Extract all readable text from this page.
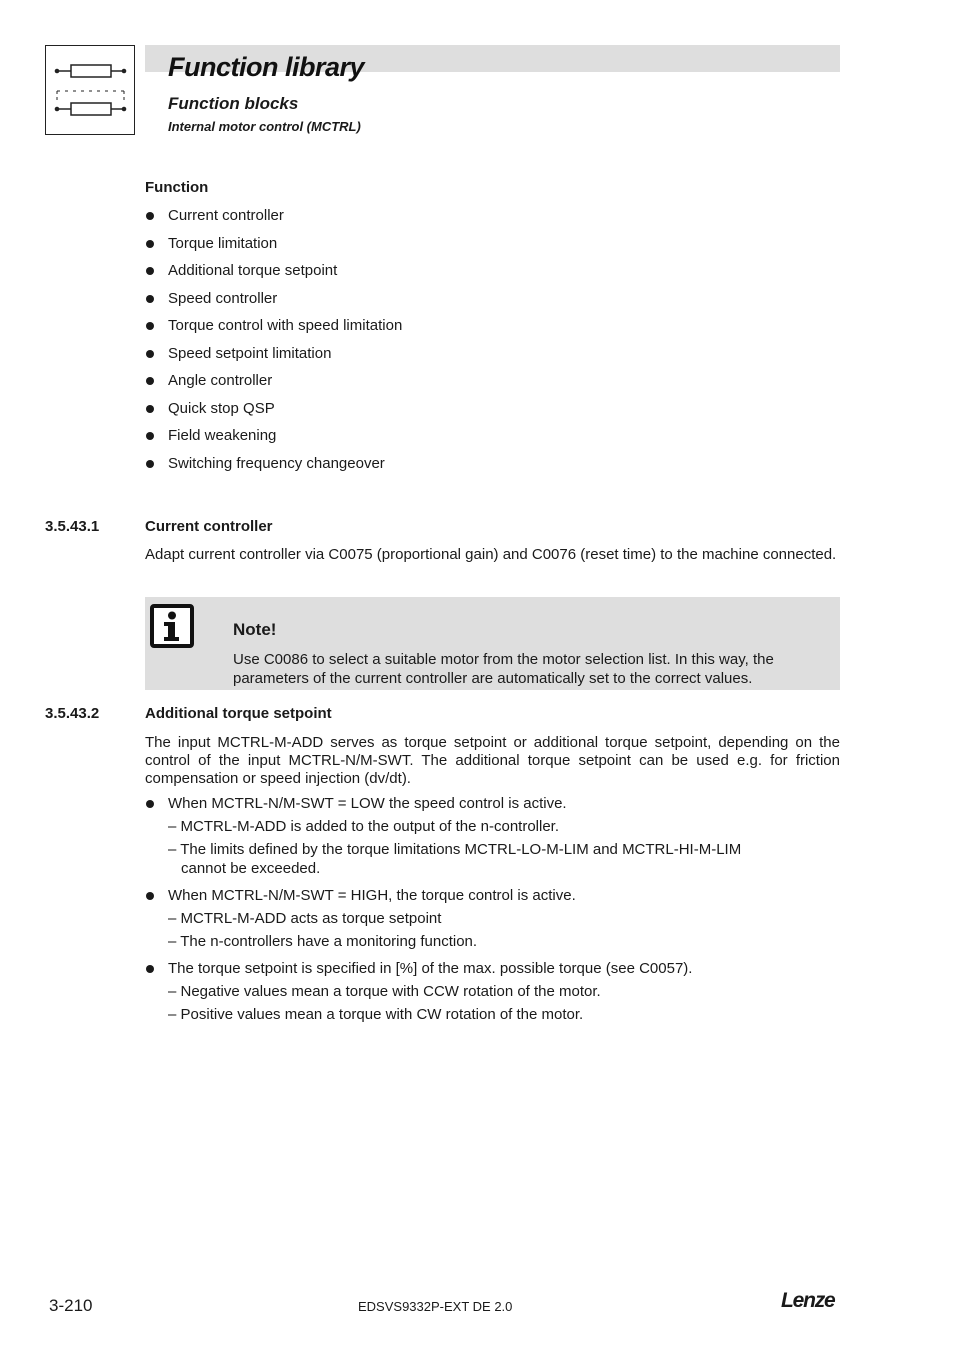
Function library
Function blocks
Internal motor control (MCTRL)
Function
Current controller
Torque limitation
Additional torque setpoint
Speed controller
Torque control with speed limitation
Speed setpoint limitation
Angle controller
Quick stop QSP
Field weakening
Switching frequency changeover
3.5.43.1	Current controller
Adapt current controller via C0075 (proportional gain) and C0076 (reset time) to the machine connected.
Note!
Use C0086 to select a suitable motor from the motor selection list. In this way, the parameters of the current controller are automatically set to the correct values.
3.5.43.2	Additional torque setpoint
The input MCTRL-M-ADD serves as torque setpoint or additional torque setpoint, depending on the control of the input MCTRL-N/M-SWT. The additional torque setpoint can be used e.g. for friction compensation or speed injection (dv/dt).
When MCTRL-N/M-SWT = LOW the speed control is active.
– MCTRL-M-ADD is added to the output of the n-controller.
– The limits defined by the torque limitations MCTRL-LO-M-LIM and MCTRL-HI-M-LIM
cannot be exceeded.
When MCTRL-N/M-SWT = HIGH, the torque control is active.
– MCTRL-M-ADD acts as torque setpoint
– The n-controllers have a monitoring function.
The torque setpoint is specified in [%] of the max. possible torque (see C0057).
– Negative values mean a torque with CCW rotation of the motor.
– Positive values mean a torque with CW rotation of the motor.
3-210	EDSVS9332P-EXT DE 2.0	Lenze
